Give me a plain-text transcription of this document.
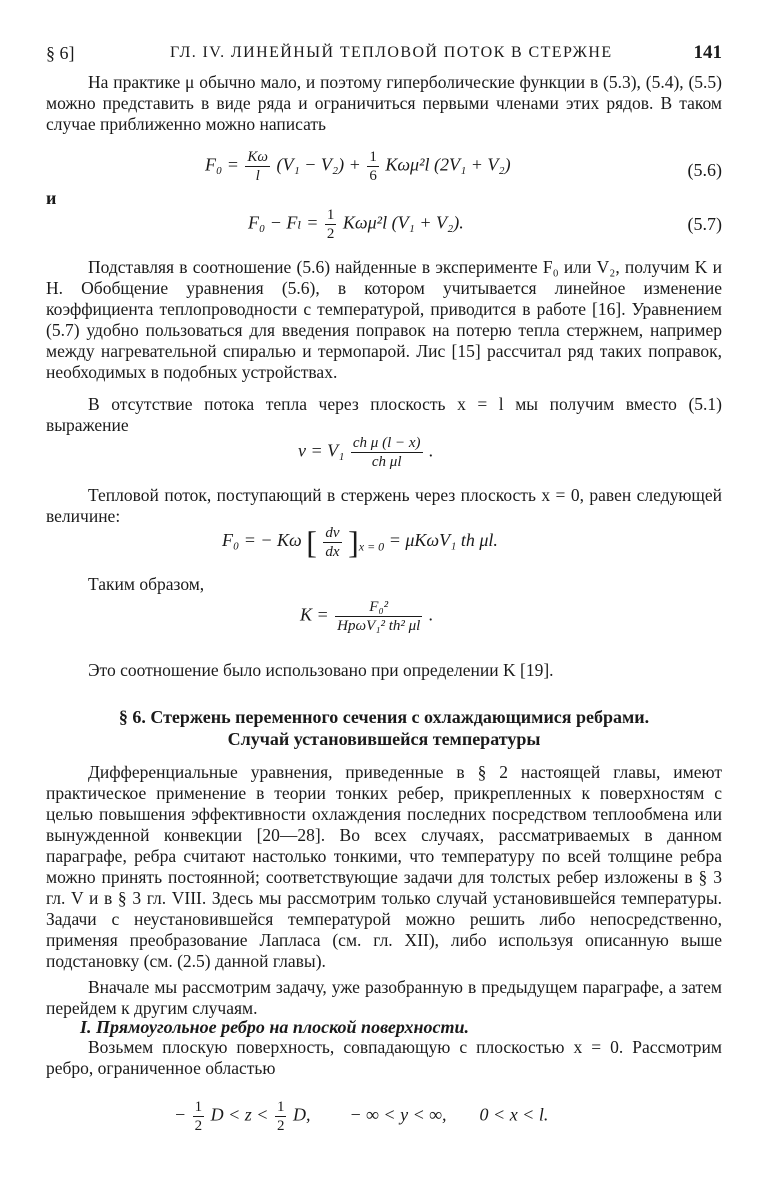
§ 6]	ГЛ. IV. ЛИНЕЙНЫЙ ТЕПЛОВОЙ ПОТОК В СТЕРЖНЕ	141

На практике μ обычно мало, и поэтому гиперболические функции в (5.3), (5.4), (5.5) можно представить в виде ряда и ограничиться первыми членами этих рядов. В таком случае приближенно можно написать

$F_0 = \frac{K\omega}{l} (V_1 - V_2) + \frac{1}{6} K\omega\mu^2l$ (2V₁ + V₂)	(5.6)
и
$F_0 - F_l = \frac{1}{2} K\omega\mu^2l$ (V₁ + V₂).	(5.7)

Подставляя в соотношение (5.6) найденные в эксперименте F₀ или V₂, получим K и H. Обобщение уравнения (5.6), в котором учитывается линейное изменение коэффициента теплопроводности с температурой, приводится в работе [16]. Уравнением (5.7) удобно пользоваться для введения поправок на потерю тепла стержнем, например между нагревательной спиралью и термопарой. Лис [15] рассчитал ряд таких поправок, необходимых в подобных устройствах.

В отсутствие потока тепла через плоскость x = l мы получим вместо (5.1) выражение

$v = V_1 \frac{\text{ch μ (l − x)}}{\text{ch μl}}$ .

Тепловой поток, поступающий в стержень через плоскость x = 0, равен следующей величине:

F₀ = − Kω [ $\frac{dv}{dx} ]_{x = 0} = \mu K\omega V_1$ th μl.

Таким образом,

$K = \frac{\text{F₀²}}{\text{HpωV₁² th² μl}}$ .

Это соотношение было использовано при определении K [19].

§ 6. Стержень переменного сечения с охлаждающимися ребрами.
Случай установившейся температуры

Дифференциальные уравнения, приведенные в § 2 настоящей главы, имеют практическое применение в теории тонких ребер, прикрепленных к поверхностям с целью повышения эффективности охлаждения последних посредством теплообмена или вынужденной конвекции [20—28]. Во всех случаях, рассматриваемых в данном параграфе, ребра считают настолько тонкими, что температуру по всей толщине ребра можно принять постоянной; соответствующие задачи для толстых ребер изложены в § 3 гл. V и в § 3 гл. VIII. Здесь мы рассмотрим только случай установившейся температуры. Задачи с неустановившейся температурой можно решить либо непосредственно, применяя преобразование Лапласа (см. гл. XII), либо используя описанную выше подстановку (см. (2.5) данной главы).

Вначале мы рассмотрим задачу, уже разобранную в предыдущем параграфе, а затем перейдем к другим случаям.

I. Прямоугольное ребро на плоской поверхности.

Возьмем плоскую поверхность, совпадающую с плоскостью x = 0. Рассмотрим ребро, ограниченное областью

− $\frac{1}{2}$ $D < z < \frac{1}{2} D$, − ∞ < y < ∞, 0 < x < l.
